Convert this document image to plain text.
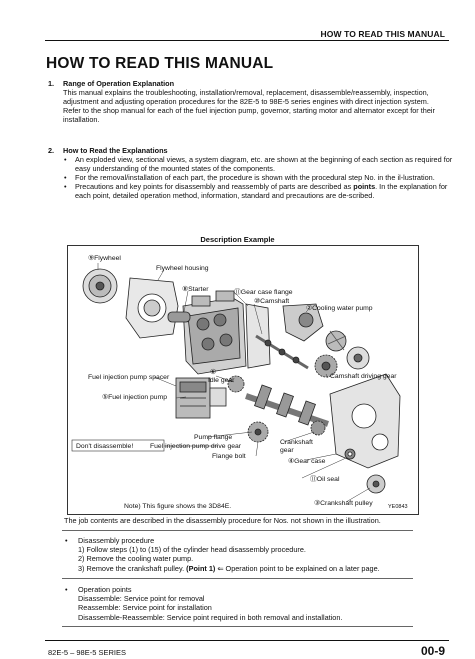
HOW TO READ THIS MANUAL
HOW TO READ THIS MANUAL
1. Range of Operation Explanation
This manual explains the troubleshooting, installation/removal, replacement, disassemble/reassembly, inspection, adjustment and adjusting operation procedures for the 82E-5 to 98E-5 series engines with direct injection system.
Refer to the shop manual for each of the fuel injection pump, governor, starting motor and alternator except for their installation.
2. How to Read the Explanations
• An exploded view, sectional views, a system diagram, etc. are shown at the beginning of each section as required for easy understanding of the mounted states of the components.
• For the removal/installation of each part, the procedure is shown with the procedural step No. in the il-lustration.
• Precautions and key points for disassembly and reassembly of parts are described as points. In the explanation for each point, detailed operation method, information, standard and precautions are de-scribed.
Description Example
⑨Flywheel
Flywheel housing
⑧Starter	⑪Gear case flange
⑩Camshaft
②Cooling water pump
Fuel injection pump spacer
⑥
Idle gear
Camshaft driving gear
⑤Fuel injection pump
Pump flange
Don't disassemble! Fuel injection pump drive gear
Flange bolt
Crankshaft
gear
④Gear case
⑪Oil seal
Note) This figure shows the 3D84E.	③Crankshaft pulley	YE0843
The job contents are described in the disassembly procedure for Nos. not shown in the illustration.
• Disassembly procedure
1) Follow steps (1) to (15) of the cylinder head disassembly procedure.
2) Remove the cooling water pump.
3) Remove the crankshaft pulley. (Point 1) ⇐ Operation point to be explained on a later page.
• Operation points
Disassemble: Service point for removal
Reassemble: Service point for installation
Disassemble-Reassemble: Service point required in both removal and installation.
82E-5 – 98E-5 SERIES	00-9
